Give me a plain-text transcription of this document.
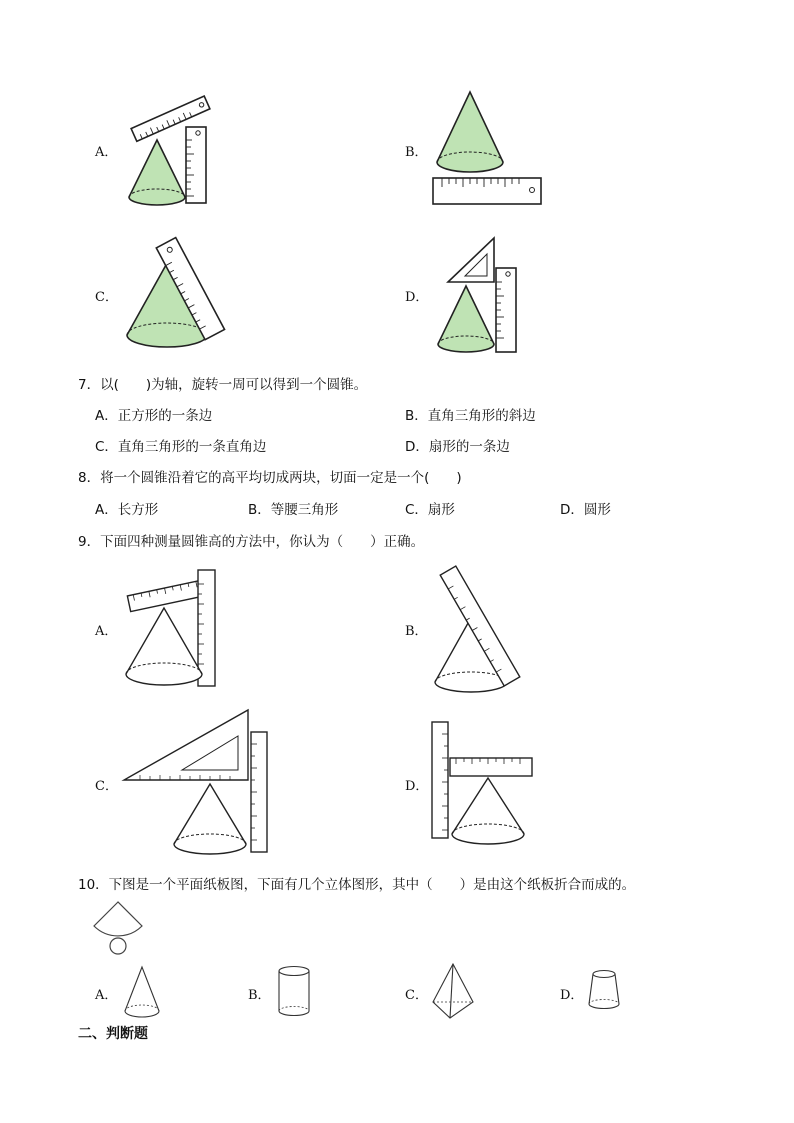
A．	B．
C．	D．
7．以(　　)为轴，旋转一周可以得到一个圆锥。
A．正方形的一条边	B．直角三角形的斜边
C．直角三角形的一条直角边	D．扇形的一条边
8．将一个圆锥沿着它的高平均切成两块，切面一定是一个(　　)
A．长方形	B．等腰三角形	C．扇形	D．圆形
9．下面四种测量圆锥高的方法中，你认为（　　）正确。
A．	B．
C．	D．
10．下图是一个平面纸板图，下面有几个立体图形，其中（　　）是由这个纸板折合而成的。
A．	B．	C．	D．
二、判断题
